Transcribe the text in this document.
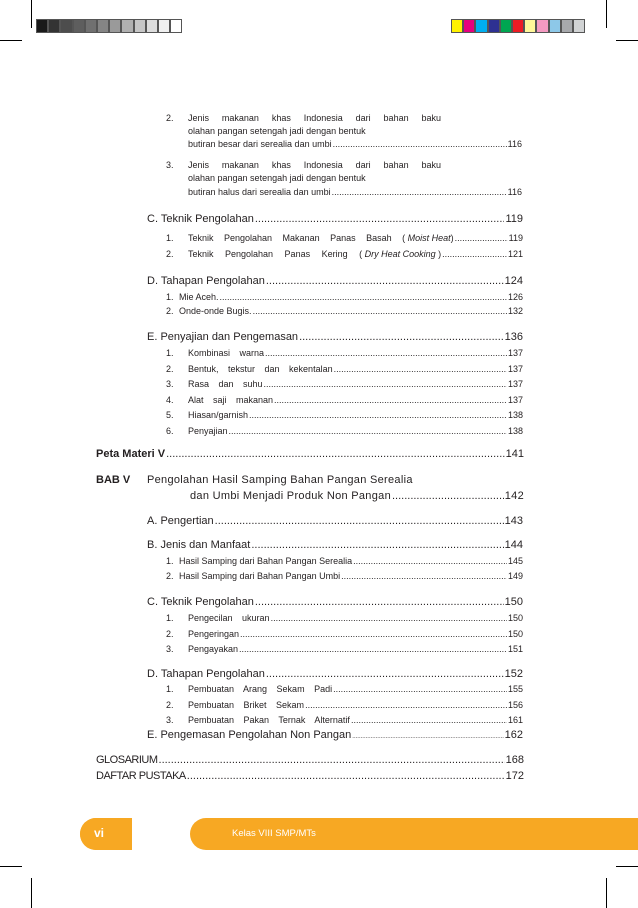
2. Jenis makanan khas Indonesia dari bahan baku
olahan pangan setengah jadi dengan bentuk
butiran besar dari serealia dan umbi .....	116
3. Jenis makanan khas Indonesia dari bahan baku
olahan pangan setengah jadi dengan bentuk
butiran halus dari serealia dan umbi .....	116
C. Teknik Pengolahan .....	119
1. Teknik Pengolahan Makanan Panas Basah ( Moist Heat) .....	119
2. Teknik Pengolahan Panas Kering ( Dry Heat Cooking ) .....	121
D. Tahapan Pengolahan .....	124
1. Mie Aceh. .....	126
2. Onde-onde Bugis. .....	132
E. Penyajian dan Pengemasan .....	136
1. Kombinasi warna .....	137
2. Bentuk, tekstur dan kekentalan .....	137
3. Rasa dan suhu .....	137
4. Alat saji makanan .....	137
5. Hiasan/garnish .....	138
6. Penyajian .....	138
Peta Materi V .....	141
BAB V Pengolahan Hasil Samping Bahan Pangan Serealia
dan Umbi Menjadi Produk Non Pangan .....	142
A. Pengertian .....	143
B. Jenis dan Manfaat .....	144
1. Hasil Samping dari Bahan Pangan Serealia .....	145
2. Hasil Samping dari Bahan Pangan Umbi .....	149
C. Teknik Pengolahan .....	150
1. Pengecilan ukuran .....	150
2. Pengeringan .....	150
3. Pengayakan .....	151
D. Tahapan Pengolahan .....	152
1. Pembuatan Arang Sekam Padi .....	155
2. Pembuatan Briket Sekam .....	156
3. Pembuatan Pakan Ternak Alternatif .....	161
E. Pengemasan Pengolahan Non Pangan .....	162
GLOSARIUM .....	168
DAFTAR PUSTAKA .....	172
vi	Kelas VIII SMP/MTs
